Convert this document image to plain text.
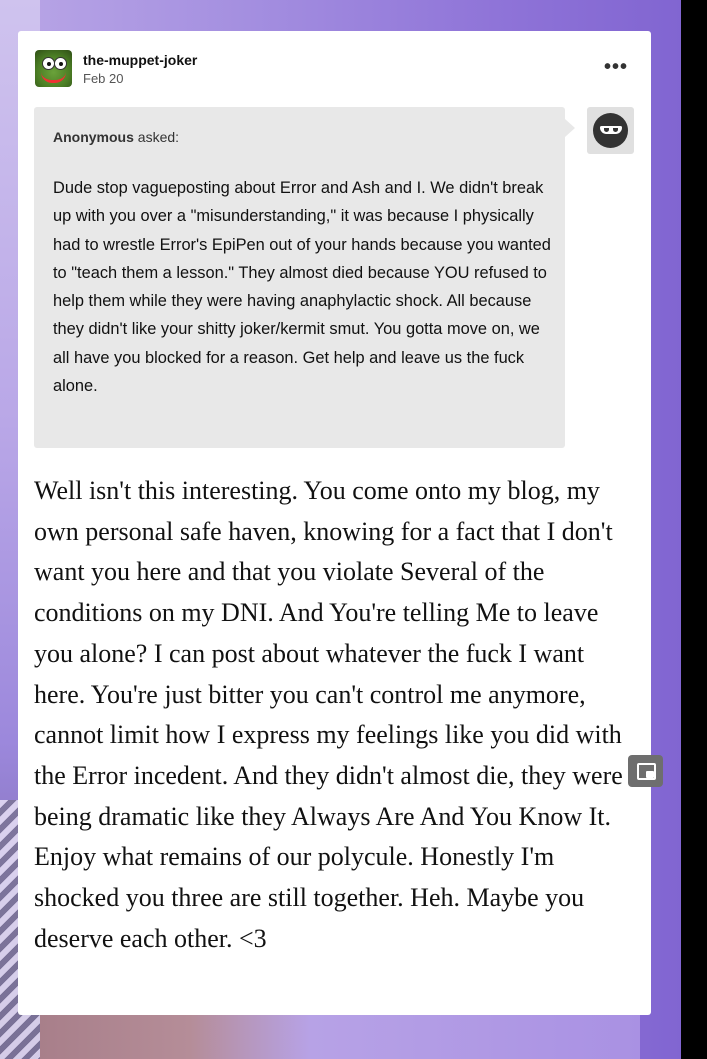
the-muppet-joker
Feb 20
•••
Anonymous asked:
Dude stop vagueposting about Error and Ash and I. We didn't break up with you over a "misunderstanding," it was because I physically had to wrestle Error's EpiPen out of your hands because you wanted to "teach them a lesson." They almost died because YOU refused to help them while they were having anaphylactic shock. All because they didn't like your shitty joker/kermit smut. You gotta move on, we all have you blocked for a reason. Get help and leave us the fuck alone.
Well isn't this interesting. You come onto my blog, my own personal safe haven, knowing for a fact that I don't want you here and that you violate Several of the conditions on my DNI. And You're telling Me to leave you alone? I can post about whatever the fuck I want here. You're just bitter you can't control me anymore, cannot limit how I express my feelings like you did with the Error incedent. And they didn't almost die, they were being dramatic like they Always Are And You Know It. Enjoy what remains of our polycule. Honestly I'm shocked you three are still together. Heh. Maybe you deserve each other. <3
